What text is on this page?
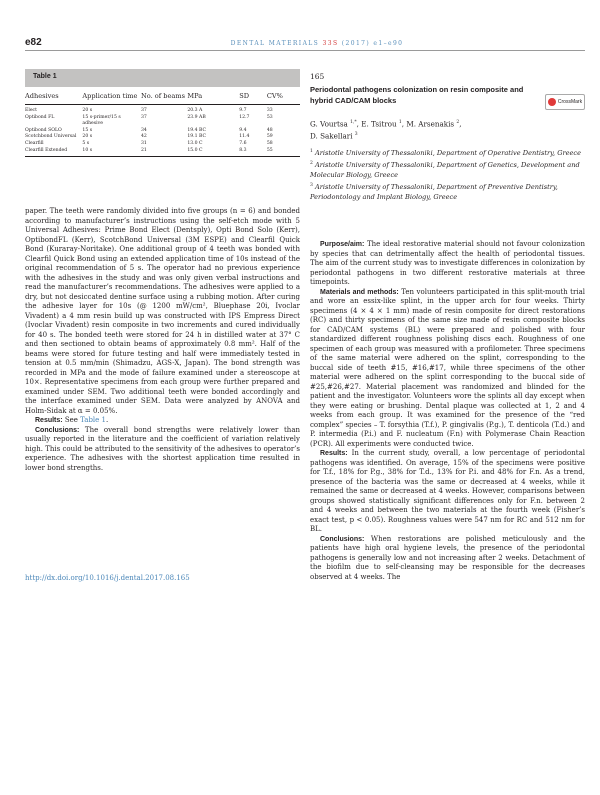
e82	DENTAL MATERIALS 33S (2017) e1–e90
Table 1
Adhesives	Application time	No. of beams	MPa	SD	CV%
Elect	20 s	37	20.3 A	9.7	33
Optibond FL	15 s-primer/15 s adhesive	37	23.9 AB	12.7	53
Optibond SOLO	15 s	34	19.4 BC	9.4	48
Scotchbond Universal	20 s	42	19.1 BC	11.4	59
Clearfill	5 s	31	13.0 C	7.6	58
Clearfill Extended	10 s	21	15.0 C	8.3	55

paper. The teeth were randomly divided into five groups (n = 6) and bonded according to manufacturer’s instructions using the self-etch mode with 5 Universal Adhesives: Prime Bond Elect (Dentsply), Opti Bond Solo (Kerr), OptibondFL (Kerr), ScotchBond Universal (3M ESPE) and Clearfil Quick Bond (Kuraray-Noritake). One additional group of 4 teeth was bonded with Clearfil Quick Bond using an extended application time of 10s instead of the original recommendation of 5 s. The operator had no previous experience with the adhesives in the study and was only given verbal instructions and read the manufacturer’s recommendations. The adhesives were applied to a dry, but not desiccated dentine surface using a rubbing motion. After curing the adhesive layer for 10s (@ 1200 mW/cm², Bluephase 20i, Ivoclar Vivadent) a 4 mm resin build up was constructed with IPS Empress Direct (Ivoclar Vivadent) resin composite in two increments and cured individually for 40 s. The bonded teeth were stored for 24 h in distilled water at 37° C and then sectioned to obtain beams of approximately 0.8 mm². Half of the beams were stored for future testing and half were immediately tested in tension at 0.5 mm/min (Shimadzu, AGS-X, Japan). The bond strength was recorded in MPa and the mode of failure examined under a stereoscope at 10×. Representative specimens from each group were further prepared and examined under SEM. Two additional teeth were bonded accordingly and the interface examined under SEM. Data were analyzed by ANOVA and Holm-Sidak at α = 0.05%.

Results: See Table 1.

Conclusions: The overall bond strengths were relatively lower than usually reported in the literature and the coefficient of variation relatively high. This could be attributed to the sensitivity of the adhesives to operator’s experience. The adhesives with the shortest application time resulted in lower bond strengths.

http://dx.doi.org/10.1016/j.dental.2017.08.165
165
Periodontal pathogens colonization on resin composite and hybrid CAD/CAM blocks	CrossMark
G. Vourtsa $^{1,*}$, E. Tsitrou $^1$, M. Arsenakis $^2$,
D. Sakellari $^3$

$^1$ Aristotle University of Thessaloniki, Department of Operative Dentistry, Greece

$^2$ Aristotle University of Thessaloniki, Department of Genetics, Development and Molecular Biology, Greece

$^3$ Aristotle University of Thessaloniki, Department of Preventive Dentistry, Periodontology and Implant Biology, Greece

Purpose/aim: The ideal restorative material should not favour colonization by species that can detrimentally affect the health of periodontal tissues. The aim of the current study was to investigate differences in colonization by periodontal pathogens in two different restorative materials at three timepoints.

Materials and methods: Ten volunteers participated in this split-mouth trial and wore an essix-like splint, in the upper arch for four weeks. Thirty specimens (4 × 4 × 1 mm) made of resin composite for direct restorations (RC) and thirty specimens of the same size made of resin composite blocks for CAD/CAM systems (BL) were prepared and polished with four standardized different roughness polishing discs each. Roughness of one specimen of each group was measured with a profilometer. Three specimens of the same material were adhered on the splint, corresponding to the buccal side of teeth #15, #16,#17, while three specimens of the other material were adhered on the splint corresponding to the buccal side of #25,#26,#27. Material placement was randomized and blinded for the patient and the investigator. Volunteers wore the splints all day except when they were eating or brushing. Dental plaque was collected at 1, 2 and 4 weeks from each group. It was examined for the presence of the “red complex” species – T. forsythia (T.f.), P. gingivalis (P.g.), T. denticola (T.d.) and P. intermedia (P.i.) and F. nucleatum (F.n) with Polymerase Chain Reaction (PCR). All experiments were conducted twice.

Results: In the current study, overall, a low percentage of periodontal pathogens was identified. On average, 15% of the specimens were positive for T.f., 18% for P.g., 38% for T.d., 13% for P.i. and 48% for F.n. As a trend, presence of the bacteria was the same or decreased at 4 weeks, while it remained the same or decreased at 4 weeks. However, comparisons between groups showed statistically significant differences only for F.n. between 2 and 4 weeks and between the two materials at the fourth week (Fisher’s exact test, p < 0.05). Roughness values were 547 nm for RC and 512 nm for BL.

Conclusions: When restorations are polished meticulously and the patients have high oral hygiene levels, the presence of the periodontal pathogens is generally low and not increasing after 2 weeks. Detachment of the biofilm due to self-cleansing may be responsible for the decreases observed at 4 weeks. The
